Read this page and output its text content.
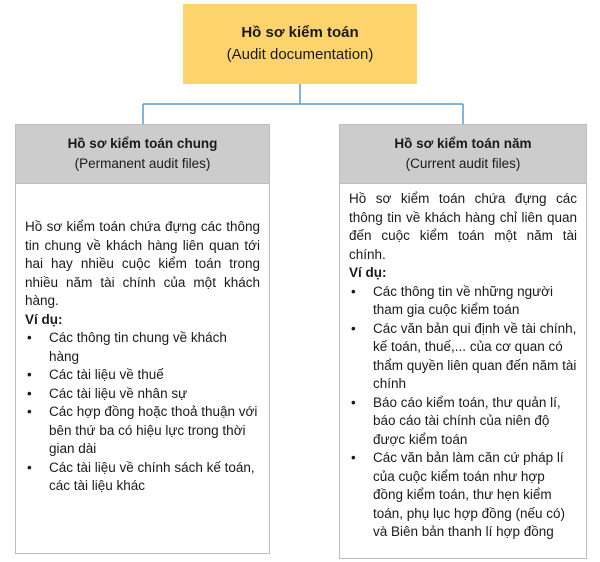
Hồ sơ kiểm toán
(Audit documentation)
Hồ sơ kiểm toán chung
(Permanent audit files)

Hồ sơ kiểm toán chứa đựng các thông tin chung về khách hàng liên quan tới hai hay nhiều cuộc kiểm toán trong nhiều năm tài chính của một khách hàng.

Ví dụ:

• Các thông tin chung về khách hàng
• Các tài liệu về thuế
• Các tài liệu về nhân sự
• Các hợp đồng hoặc thoả thuận với bên thứ ba có hiệu lực trong thời gian dài
• Các tài liệu về chính sách kế toán, các tài liệu khác
Hồ sơ kiểm toán năm
(Current audit files)

Hồ sơ kiểm toán chứa đựng các thông tin về khách hàng chỉ liên quan đến cuộc kiểm toán một năm tài chính.

Ví dụ:

• Các thông tin về những người tham gia cuộc kiểm toán
• Các văn bản qui định về tài chính, kế toán, thuế,... của cơ quan có thẩm quyền liên quan đến năm tài chính
• Báo cáo kiểm toán, thư quản lí, báo cáo tài chính của niên độ được kiểm toán
• Các văn bản làm căn cứ pháp lí của cuộc kiểm toán như hợp đồng kiểm toán, thư hẹn kiểm toán, phụ lục hợp đồng (nếu có) và Biên bản thanh lí hợp đồng
